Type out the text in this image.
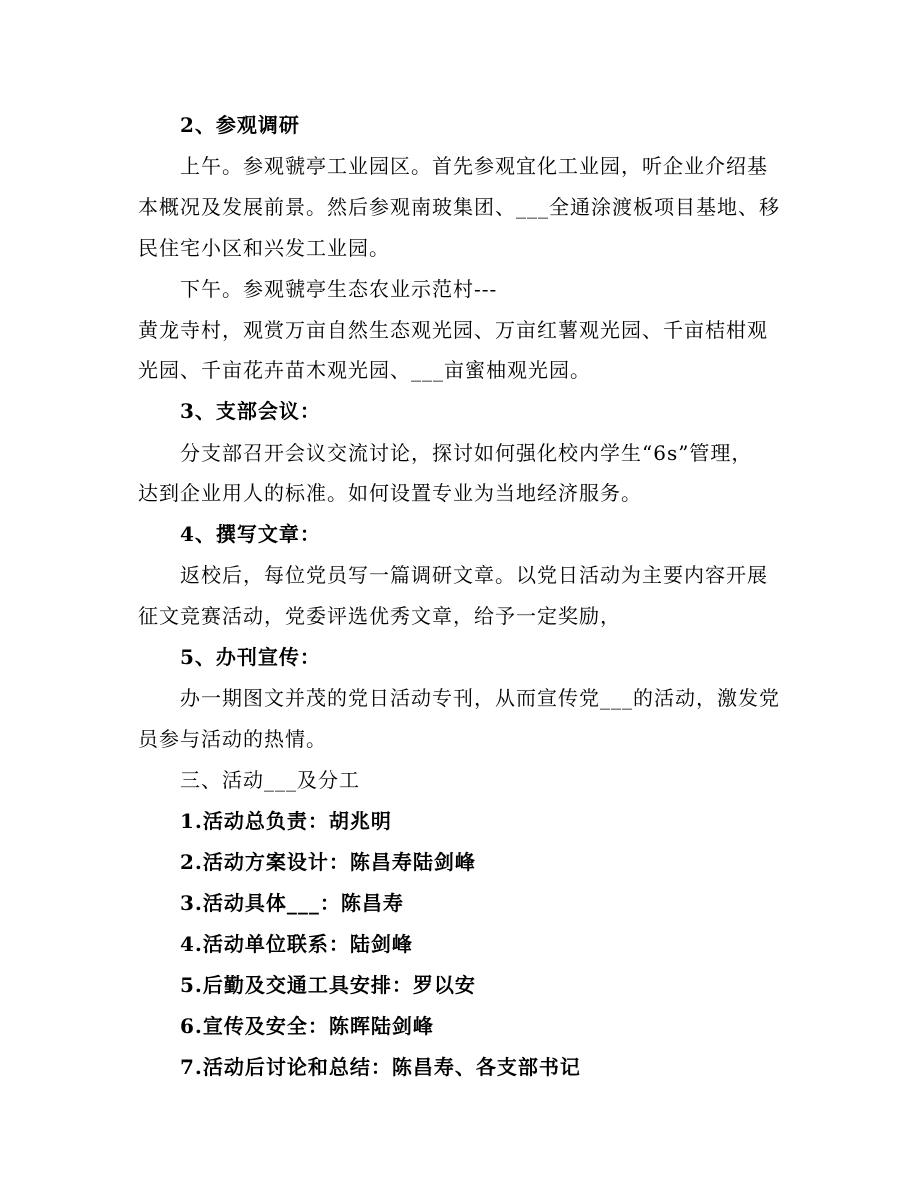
2、参观调研
上午。参观虢亭工业园区。首先参观宜化工业园，听企业介绍基
本概况及发展前景。然后参观南玻集团、___全通涂渡板项目基地、移
民住宅小区和兴发工业园。
下午。参观虢亭生态农业示范村---
黄龙寺村，观赏万亩自然生态观光园、万亩红薯观光园、千亩桔柑观
光园、千亩花卉苗木观光园、___亩蜜柚观光园。
3、支部会议：
分支部召开会议交流讨论，探讨如何强化校内学生“6s”管理，
达到企业用人的标准。如何设置专业为当地经济服务。
4、撰写文章：
返校后，每位党员写一篇调研文章。以党日活动为主要内容开展
征文竞赛活动，党委评选优秀文章，给予一定奖励，
5、办刊宣传：
办一期图文并茂的党日活动专刊，从而宣传党___的活动，激发党
员参与活动的热情。
三、活动___及分工
1.活动总负责：胡兆明
2.活动方案设计：陈昌寿陆剑峰
3.活动具体___：陈昌寿
4.活动单位联系：陆剑峰
5.后勤及交通工具安排：罗以安
6.宣传及安全：陈晖陆剑峰
7.活动后讨论和总结：陈昌寿、各支部书记
